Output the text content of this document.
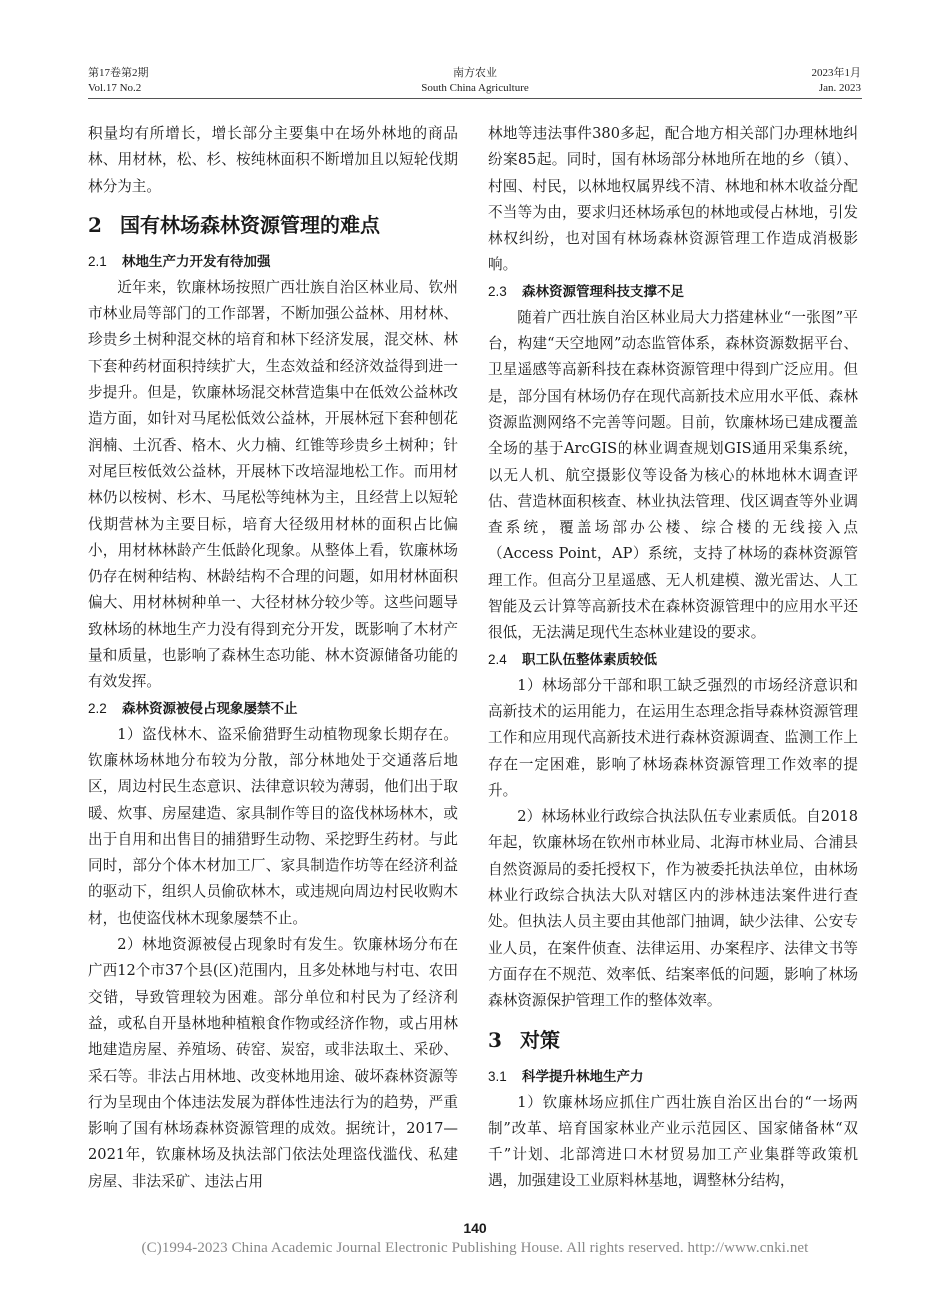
第17卷第2期
Vol.17 No.2
南方农业
South China Agriculture
2023年1月
Jan. 2023

积量均有所增长，增长部分主要集中在场外林地的商品林、用材林，松、杉、桉纯林面积不断增加且以短轮伐期林分为主。

2 国有林场森林资源管理的难点
2.1 林地生产力开发有待加强

近年来，钦廉林场按照广西壮族自治区林业局、钦州市林业局等部门的工作部署，不断加强公益林、用材林、珍贵乡土树种混交林的培育和林下经济发展，混交林、林下套种药材面积持续扩大，生态效益和经济效益得到进一步提升。但是，钦廉林场混交林营造集中在低效公益林改造方面，如针对马尾松低效公益林，开展林冠下套种刨花润楠、土沉香、格木、火力楠、红锥等珍贵乡土树种；针对尾巨桉低效公益林，开展林下改培湿地松工作。而用材林仍以桉树、杉木、马尾松等纯林为主，且经营上以短轮伐期营林为主要目标，培育大径级用材林的面积占比偏小，用材林林龄产生低龄化现象。从整体上看，钦廉林场仍存在树种结构、林龄结构不合理的问题，如用材林面积偏大、用材林树种单一、大径材林分较少等。这些问题导致林场的林地生产力没有得到充分开发，既影响了木材产量和质量，也影响了森林生态功能、林木资源储备功能的有效发挥。

2.2 森林资源被侵占现象屡禁不止

1）盗伐林木、盗采偷猎野生动植物现象长期存在。钦廉林场林地分布较为分散，部分林地处于交通落后地区，周边村民生态意识、法律意识较为薄弱，他们出于取暖、炊事、房屋建造、家具制作等目的盗伐林场林木，或出于自用和出售目的捕猎野生动物、采挖野生药材。与此同时，部分个体木材加工厂、家具制造作坊等在经济利益的驱动下，组织人员偷砍林木，或违规向周边村民收购木材，也使盗伐林木现象屡禁不止。

2）林地资源被侵占现象时有发生。钦廉林场分布在广西12个市37个县(区)范围内，且多处林地与村屯、农田交错，导致管理较为困难。部分单位和村民为了经济利益，或私自开垦林地种植粮食作物或经济作物，或占用林地建造房屋、养殖场、砖窑、炭窑，或非法取土、采砂、采石等。非法占用林地、改变林地用途、破坏森林资源等行为呈现由个体违法发展为群体性违法行为的趋势，严重影响了国有林场森林资源管理的成效。据统计，2017—2021年，钦廉林场及执法部门依法处理盗伐滥伐、私建房屋、非法采矿、违法占用

林地等违法事件380多起，配合地方相关部门办理林地纠纷案85起。同时，国有林场部分林地所在地的乡（镇）、村囤、村民，以林地权属界线不清、林地和林木收益分配不当等为由，要求归还林场承包的林地或侵占林地，引发林权纠纷，也对国有林场森林资源管理工作造成消极影响。

2.3 森林资源管理科技支撑不足

随着广西壮族自治区林业局大力搭建林业“一张图”平台，构建“天空地网”动态监管体系，森林资源数据平台、卫星遥感等高新科技在森林资源管理中得到广泛应用。但是，部分国有林场仍存在现代高新技术应用水平低、森林资源监测网络不完善等问题。目前，钦廉林场已建成覆盖全场的基于ArcGIS的林业调查规划GIS通用采集系统，以无人机、航空摄影仪等设备为核心的林地林木调查评估、营造林面积核查、林业执法管理、伐区调查等外业调查系统，覆盖场部办公楼、综合楼的无线接入点（Access Point，AP）系统，支持了林场的森林资源管理工作。但高分卫星遥感、无人机建模、激光雷达、人工智能及云计算等高新技术在森林资源管理中的应用水平还很低，无法满足现代生态林业建设的要求。

2.4 职工队伍整体素质较低

1）林场部分干部和职工缺乏强烈的市场经济意识和高新技术的运用能力，在运用生态理念指导森林资源管理工作和应用现代高新技术进行森林资源调查、监测工作上存在一定困难，影响了林场森林资源管理工作效率的提升。

2）林场林业行政综合执法队伍专业素质低。自2018年起，钦廉林场在钦州市林业局、北海市林业局、合浦县自然资源局的委托授权下，作为被委托执法单位，由林场林业行政综合执法大队对辖区内的涉林违法案件进行查处。但执法人员主要由其他部门抽调，缺少法律、公安专业人员，在案件侦查、法律运用、办案程序、法律文书等方面存在不规范、效率低、结案率低的问题，影响了林场森林资源保护管理工作的整体效率。

3 对策
3.1 科学提升林地生产力

1）钦廉林场应抓住广西壮族自治区出台的“一场两制”改革、培育国家林业产业示范园区、国家储备林“双千”计划、北部湾进口木材贸易加工产业集群等政策机遇，加强建设工业原料林基地，调整林分结构，

140
(C)1994-2023 China Academic Journal Electronic Publishing House. All rights reserved. http://www.cnki.net
